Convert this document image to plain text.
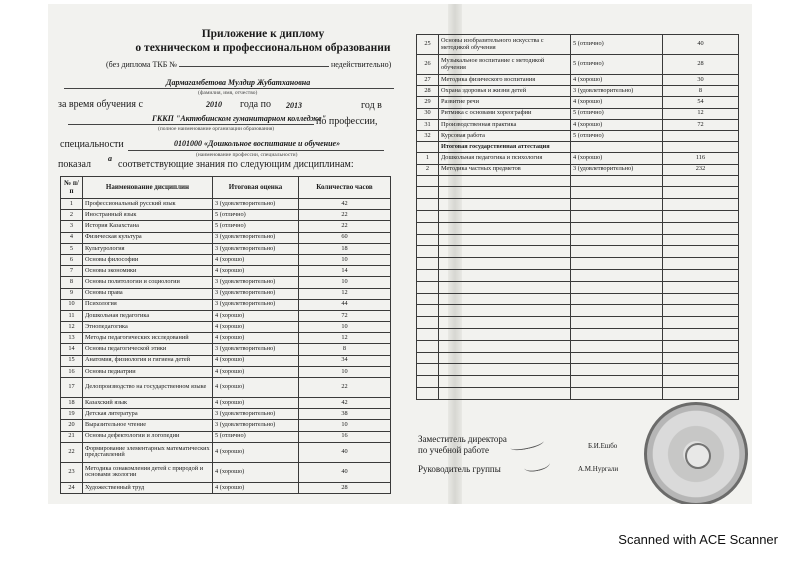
Приложение к диплому
о техническом и профессиональном образовании
(без диплома ТКБ №	недействительно)
Дармагамбетова Мулдир Жубатхановна
(фамилия, имя, отчество)
за время обучения с	2010 года по 2013	год в
ГККП "Актюбинском гуманитарном колледже"
по профессии,
(полное наименование организации образования)
специальности	0101000 «Дошкольное воспитание и обучение»
(наименование профессии, специальности)
показал
а
соответствующие знания по следующим дисциплинам:
№ п/п	Наименование дисциплин	Итоговая оценка	Количество часов
1	Профессиональный русский язык	3 (удовлетворительно)	42
2	Иностранный язык	5 (отлично)	22
3	История Казахстана	5 (отлично)	22
4	Физическая культура	3 (удовлетворительно)	60
5	Культурология	3 (удовлетворительно)	18
6	Основы философии	4 (хорошо)	10
7	Основы экономики	4 (хорошо)	14
8	Основы политологии и социологии	3 (удовлетворительно)	10
9	Основы права	3 (удовлетворительно)	12
10	Психология	3 (удовлетворительно)	44
11	Дошкольная педагогика	4 (хорошо)	72
12	Этнопедагогика	4 (хорошо)	10
13	Методы педагогических исследований	4 (хорошо)	12
14	Основы педагогической этики	3 (удовлетворительно)	8
15	Анатомия, физиология и гигиена детей	4 (хорошо)	34
16	Основы педиатрии	4 (хорошо)	10
17	Делопроизводство на государственном языке	4 (хорошо)	22
18	Казахский язык	4 (хорошо)	42
19	Детская литература	3 (удовлетворительно)	38
20	Выразительное чтение	3 (удовлетворительно)	10
21	Основы дефектологии и логопедии	5 (отлично)	16
22	Формирование элементарных математических представлений	4 (хорошо)	40
23	Методика ознакомления детей с природой и основами экологии	4 (хорошо)	40
24	Художественный труд	4 (хорошо)	28
25	Основы изобразительного искусства с методикой обучения	5 (отлично)	40
26	Музыкальное воспитание с методикой обучения	5 (отлично)	28
27	Методика физического воспитания	4 (хорошо)	30
28	Охрана здоровья и жизни детей	3 (удовлетворительно)	8
29	Развитие речи	4 (хорошо)	54
30	Ритмика с основами хореографии	5 (отлично)	12
31	Производственная практика	4 (хорошо)	72
32	Курсовая работа	5 (отлично)	
	Итоговая государственная аттестация		
1	Дошкольная педагогика и психология	4 (хорошо)	116
2	Методика частных предметов	3 (удовлетворительно)	232

Заместитель директора
по учебной работе	Б.И.Ешбо
Руководитель группы	А.М.Нургали
Scanned with ACE Scanner
